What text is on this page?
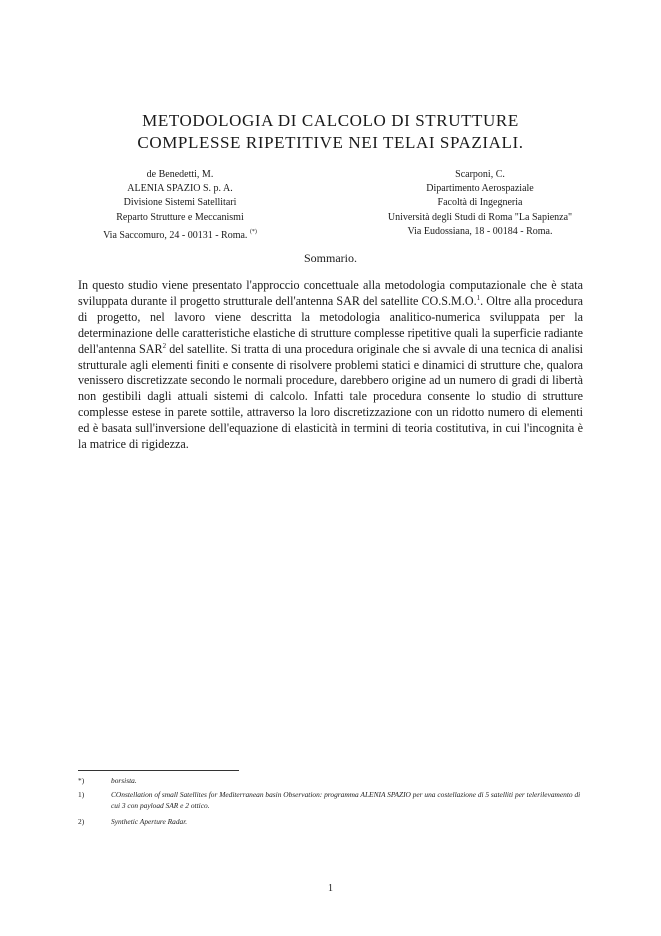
METODOLOGIA DI CALCOLO DI STRUTTURE
COMPLESSE RIPETITIVE NEI TELAI SPAZIALI.
de Benedetti, M.
ALENIA SPAZIO S. p. A.
Divisione Sistemi Satellitari
Reparto Strutture e Meccanismi
Via Saccomuro, 24 - 00131 - Roma. (*)
Scarponi, C.
Dipartimento Aerospaziale
Facoltà di Ingegneria
Università degli Studi di Roma "La Sapienza"
Via Eudossiana, 18 - 00184 - Roma.
Sommario.
In questo studio viene presentato l'approccio concettuale alla metodologia computazionale che è stata sviluppata durante il progetto strutturale dell'antenna SAR del satellite CO.S.M.O.$^1$. Oltre alla procedura di progetto, nel lavoro viene descritta la metodologia analitico-numerica sviluppata per la determinazione delle caratteristiche elastiche di strutture complesse ripetitive quali la superficie radiante dell'antenna SAR$^2$ del satellite. Si tratta di una procedura originale che si avvale di una tecnica di analisi strutturale agli elementi finiti e consente di risolvere problemi statici e dinamici di strutture che, qualora venissero discretizzate secondo le normali procedure, darebbero origine ad un numero di gradi di libertà non gestibili dagli attuali sistemi di calcolo. Infatti tale procedura consente lo studio di strutture complesse estese in parete sottile, attraverso la loro discretizzazione con un ridotto numero di elementi ed è basata sull'inversione dell'equazione di elasticità in termini di teoria costitutiva, in cui l'incognita è la matrice di rigidezza.
*)	borsista.
1)	COnstellation of small Satellites for Mediterranean basin Observation: programma ALENIA SPAZIO per una costellazione di 5 satelliti per telerilevamento di cui 3 con payload SAR e 2 ottico.
2)	Synthetic Aperture Radar.
1
